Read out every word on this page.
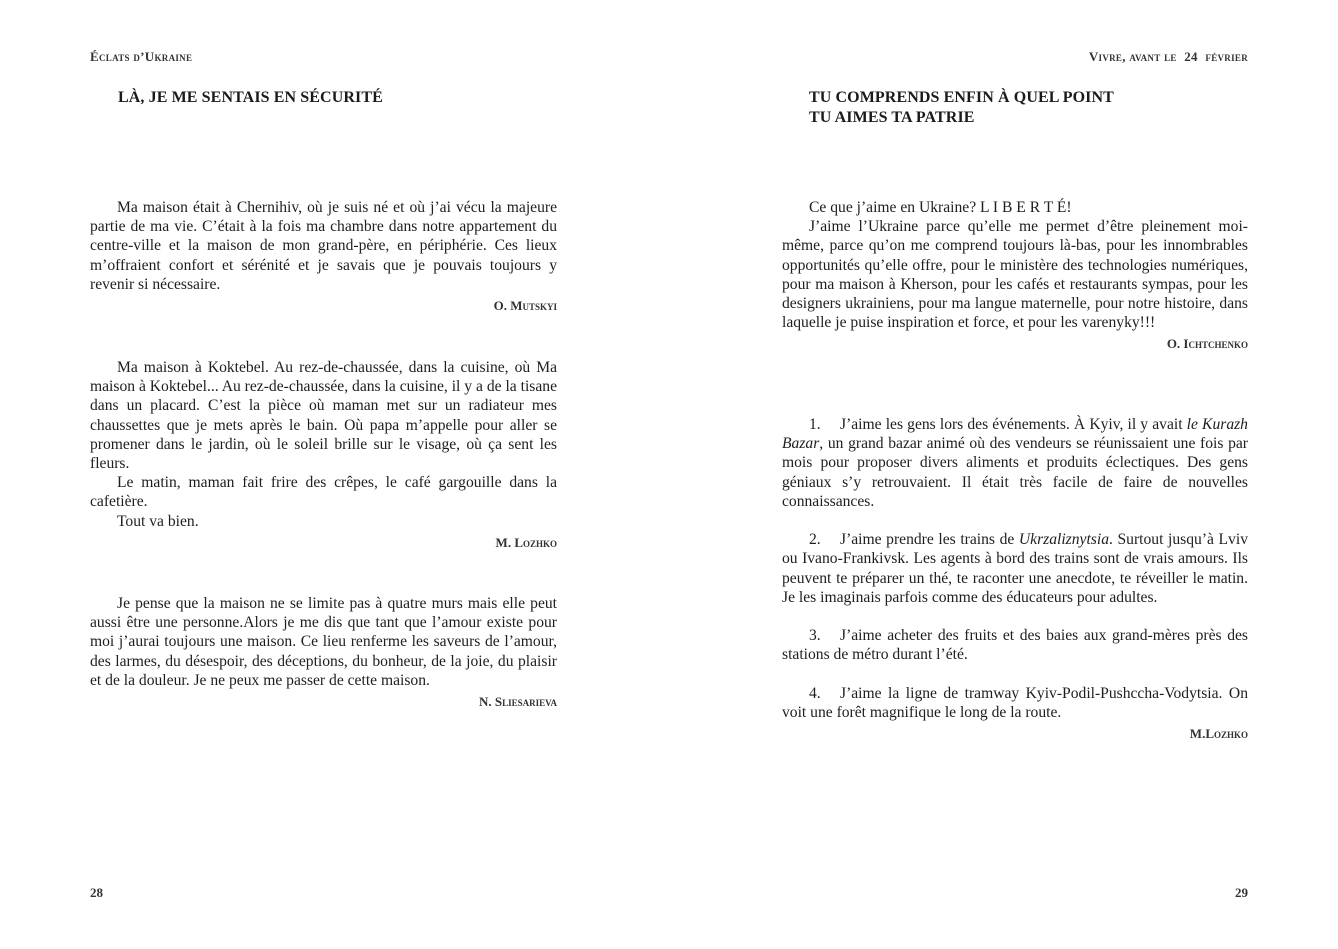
Éclats d’Ukraine
LÀ, JE ME SENTAIS EN SÉCURITÉ

Ma maison était à Chernihiv, où je suis né et où j’ai vécu la majeure partie de ma vie. C’était à la fois ma chambre dans notre appartement du centre-ville et la maison de mon grand-père, en périphérie. Ces lieux m’offraient confort et sérénité et je savais que je pouvais toujours y revenir si nécessaire.

O. Mutskyi

Ma maison à Koktebel. Au rez-de-chaussée, dans la cuisine, où Ma maison à Koktebel... Au rez-de-chaussée, dans la cuisine, il y a de la tisane dans un placard. C’est la pièce où maman met sur un radiateur mes chaussettes que je mets après le bain. Où papa m’appelle pour aller se promener dans le jardin, où le soleil brille sur le visage, où ça sent les fleurs.

Le matin, maman fait frire des crêpes, le café gargouille dans la cafetière.

Tout va bien.

M. Lozhko

Je pense que la maison ne se limite pas à quatre murs mais elle peut aussi être une personne.Alors je me dis que tant que l’amour existe pour moi j’aurai toujours une maison. Ce lieu renferme les saveurs de l’amour, des larmes, du désespoir, des déceptions, du bonheur, de la joie, du plaisir et de la douleur. Je ne peux me passer de cette maison.

N. Sliesarieva
28
Vivre, avant le 24 février
TU COMPRENDS ENFIN À QUEL POINT
TU AIMES TA PATRIE

Ce que j’aime en Ukraine? L I B E R T É!

J’aime l’Ukraine parce qu’elle me permet d’être pleinement moi-même, parce qu’on me comprend toujours là-bas, pour les innombrables opportunités qu’elle offre, pour le ministère des technologies numériques, pour ma maison à Kherson, pour les cafés et restaurants sympas, pour les designers ukrainiens, pour ma langue maternelle, pour notre histoire, dans laquelle je puise inspiration et force, et pour les varenyky!!!

O. Ichtchenko

1. J’aime les gens lors des événements. À Kyiv, il y avait le Kurazh Bazar, un grand bazar animé où des vendeurs se réunissaient une fois par mois pour proposer divers aliments et produits éclectiques. Des gens géniaux s’y retrouvaient. Il était très facile de faire de nouvelles connaissances.

2. J’aime prendre les trains de Ukrzaliznytsia. Surtout jusqu’à Lviv ou Ivano-Frankivsk. Les agents à bord des trains sont de vrais amours. Ils peuvent te préparer un thé, te raconter une anecdote, te réveiller le matin. Je les imaginais parfois comme des éducateurs pour adultes.

3. J’aime acheter des fruits et des baies aux grand-mères près des stations de métro durant l’été.

4. J’aime la ligne de tramway Kyiv-Podil-Pushccha-Vodytsia. On voit une forêt magnifique le long de la route.

M.Lozhko
29
